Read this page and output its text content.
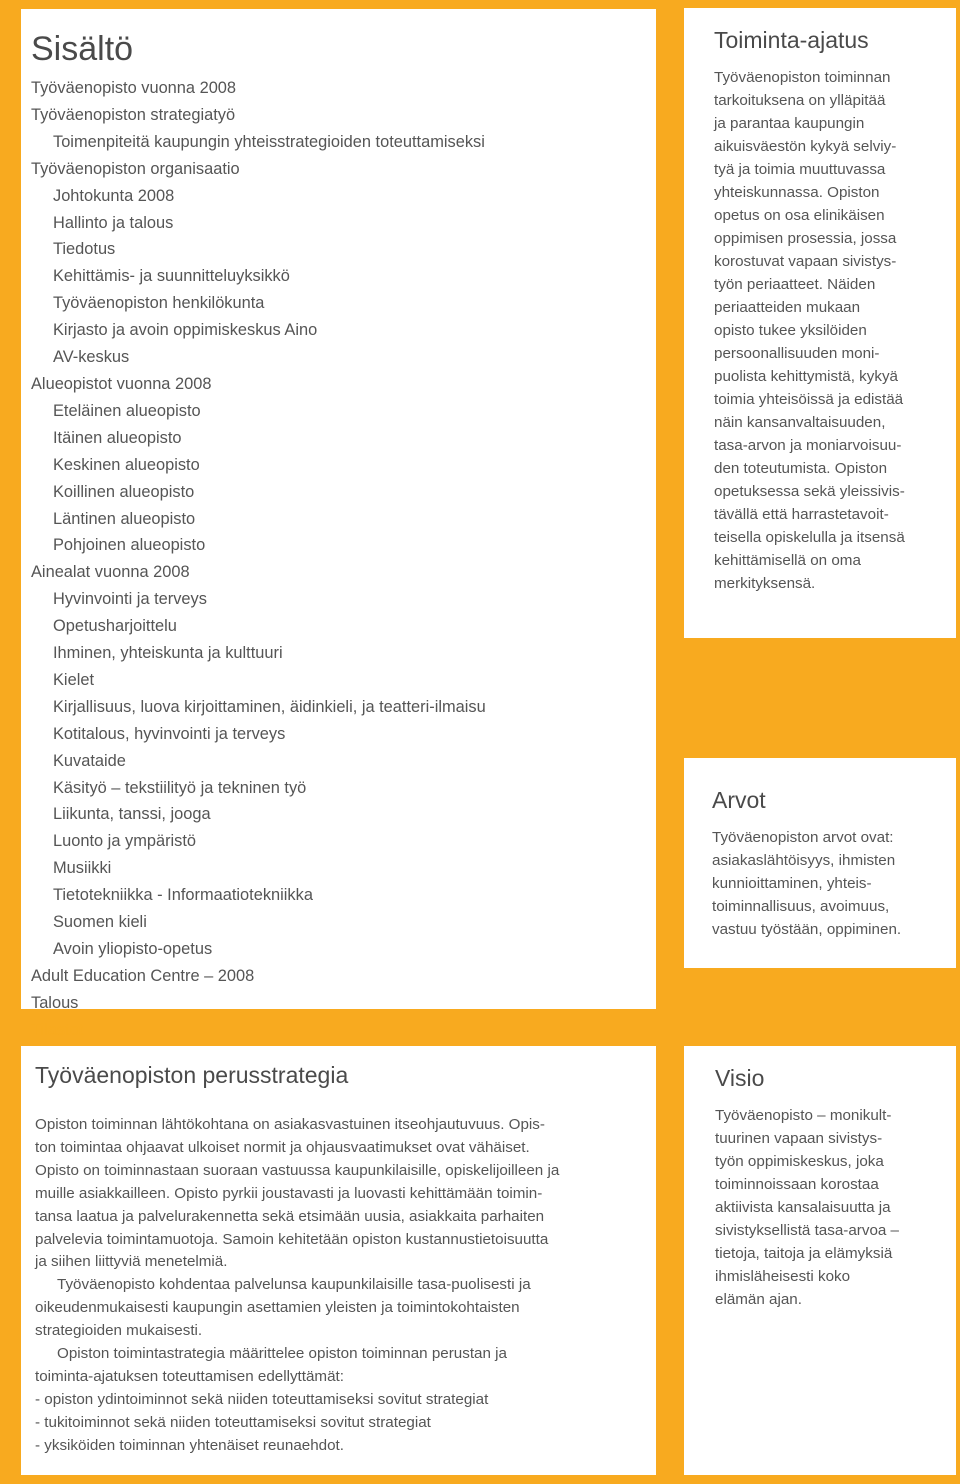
Sisältö
Työväenopisto vuonna 2008
Työväenopiston strategiatyö
Toimenpiteitä kaupungin yhteisstrategioiden toteuttamiseksi
Työväenopiston organisaatio
Johtokunta 2008
Hallinto ja talous
Tiedotus
Kehittämis- ja suunnitteluyksikkö
Työväenopiston henkilökunta
Kirjasto ja avoin oppimiskeskus Aino
AV-keskus
Alueopistot vuonna 2008
Eteläinen alueopisto
Itäinen alueopisto
Keskinen alueopisto
Koillinen alueopisto
Läntinen alueopisto
Pohjoinen alueopisto
Ainealat vuonna 2008
Hyvinvointi ja terveys
Opetusharjoittelu
Ihminen, yhteiskunta ja kulttuuri
Kielet
Kirjallisuus, luova kirjoittaminen, äidinkieli, ja teatteri-ilmaisu
Kotitalous, hyvinvointi ja terveys
Kuvataide
Käsityö – tekstiilityö ja tekninen työ
Liikunta, tanssi, jooga
Luonto ja ympäristö
Musiikki
Tietotekniikka - Informaatiotekniikka
Suomen kieli
Avoin yliopisto-opetus
Adult Education Centre – 2008
Talous
Tilastot
Toiminta-ajatus

Työväenopiston toiminnan
tarkoituksena on ylläpitää
ja parantaa kaupungin
aikuisväestön kykyä selviy-
tyä ja toimia muuttuvassa
yhteiskunnassa. Opiston
opetus on osa elinikäisen
oppimisen prosessia, jossa
korostuvat vapaan sivistys-
työn periaatteet. Näiden
periaatteiden mukaan
opisto tukee yksilöiden
persoonallisuuden moni-
puolista kehittymistä, kykyä
toimia yhteisöissä ja edistää
näin kansanvaltaisuuden,
tasa-arvon ja moniarvoisuu-
den toteutumista. Opiston
opetuksessa sekä yleissivis-
tävällä että harrastetavoit-
teisella opiskelulla ja itsensä
kehittämisellä on oma
merkityksensä.

Arvot

Työväenopiston arvot ovat:
asiakaslähtöisyys, ihmisten
kunnioittaminen, yhteis-
toiminnallisuus, avoimuus,
vastuu työstään, oppiminen.

Työväenopiston perusstrategia

Opiston toiminnan lähtökohtana on asiakasvastuinen itseohjautuvuus. Opis-
ton toimintaa ohjaavat ulkoiset normit ja ohjausvaatimukset ovat vähäiset.
Opisto on toiminnastaan suoraan vastuussa kaupunkilaisille, opiskelijoilleen ja
muille asiakkailleen. Opisto pyrkii joustavasti ja luovasti kehittämään toimin-
tansa laatua ja palvelurakennetta sekä etsimään uusia, asiakkaita parhaiten
palvelevia toimintamuotoja. Samoin kehitetään opiston kustannustietoisuutta
ja siihen liittyviä menetelmiä.
Työväenopisto kohdentaa palvelunsa kaupunkilaisille tasa-puolisesti ja
oikeudenmukaisesti kaupungin asettamien yleisten ja toimintokohtaisten
strategioiden mukaisesti.
Opiston toimintastrategia määrittelee opiston toiminnan perustan ja
toiminta-ajatuksen toteuttamisen edellyttämät:
- opiston ydintoiminnot sekä niiden toteuttamiseksi sovitut strategiat
- tukitoiminnot sekä niiden toteuttamiseksi sovitut strategiat
- yksiköiden toiminnan yhtenäiset reunaehdot.

Visio

Työväenopisto – monikult-
tuurinen vapaan sivistys-
työn oppimiskeskus, joka
toiminnoissaan korostaa
aktiivista kansalaisuutta ja
sivistyksellistä tasa-arvoa –
tietoja, taitoja ja elämyksiä
ihmisläheisesti koko
elämän ajan.
